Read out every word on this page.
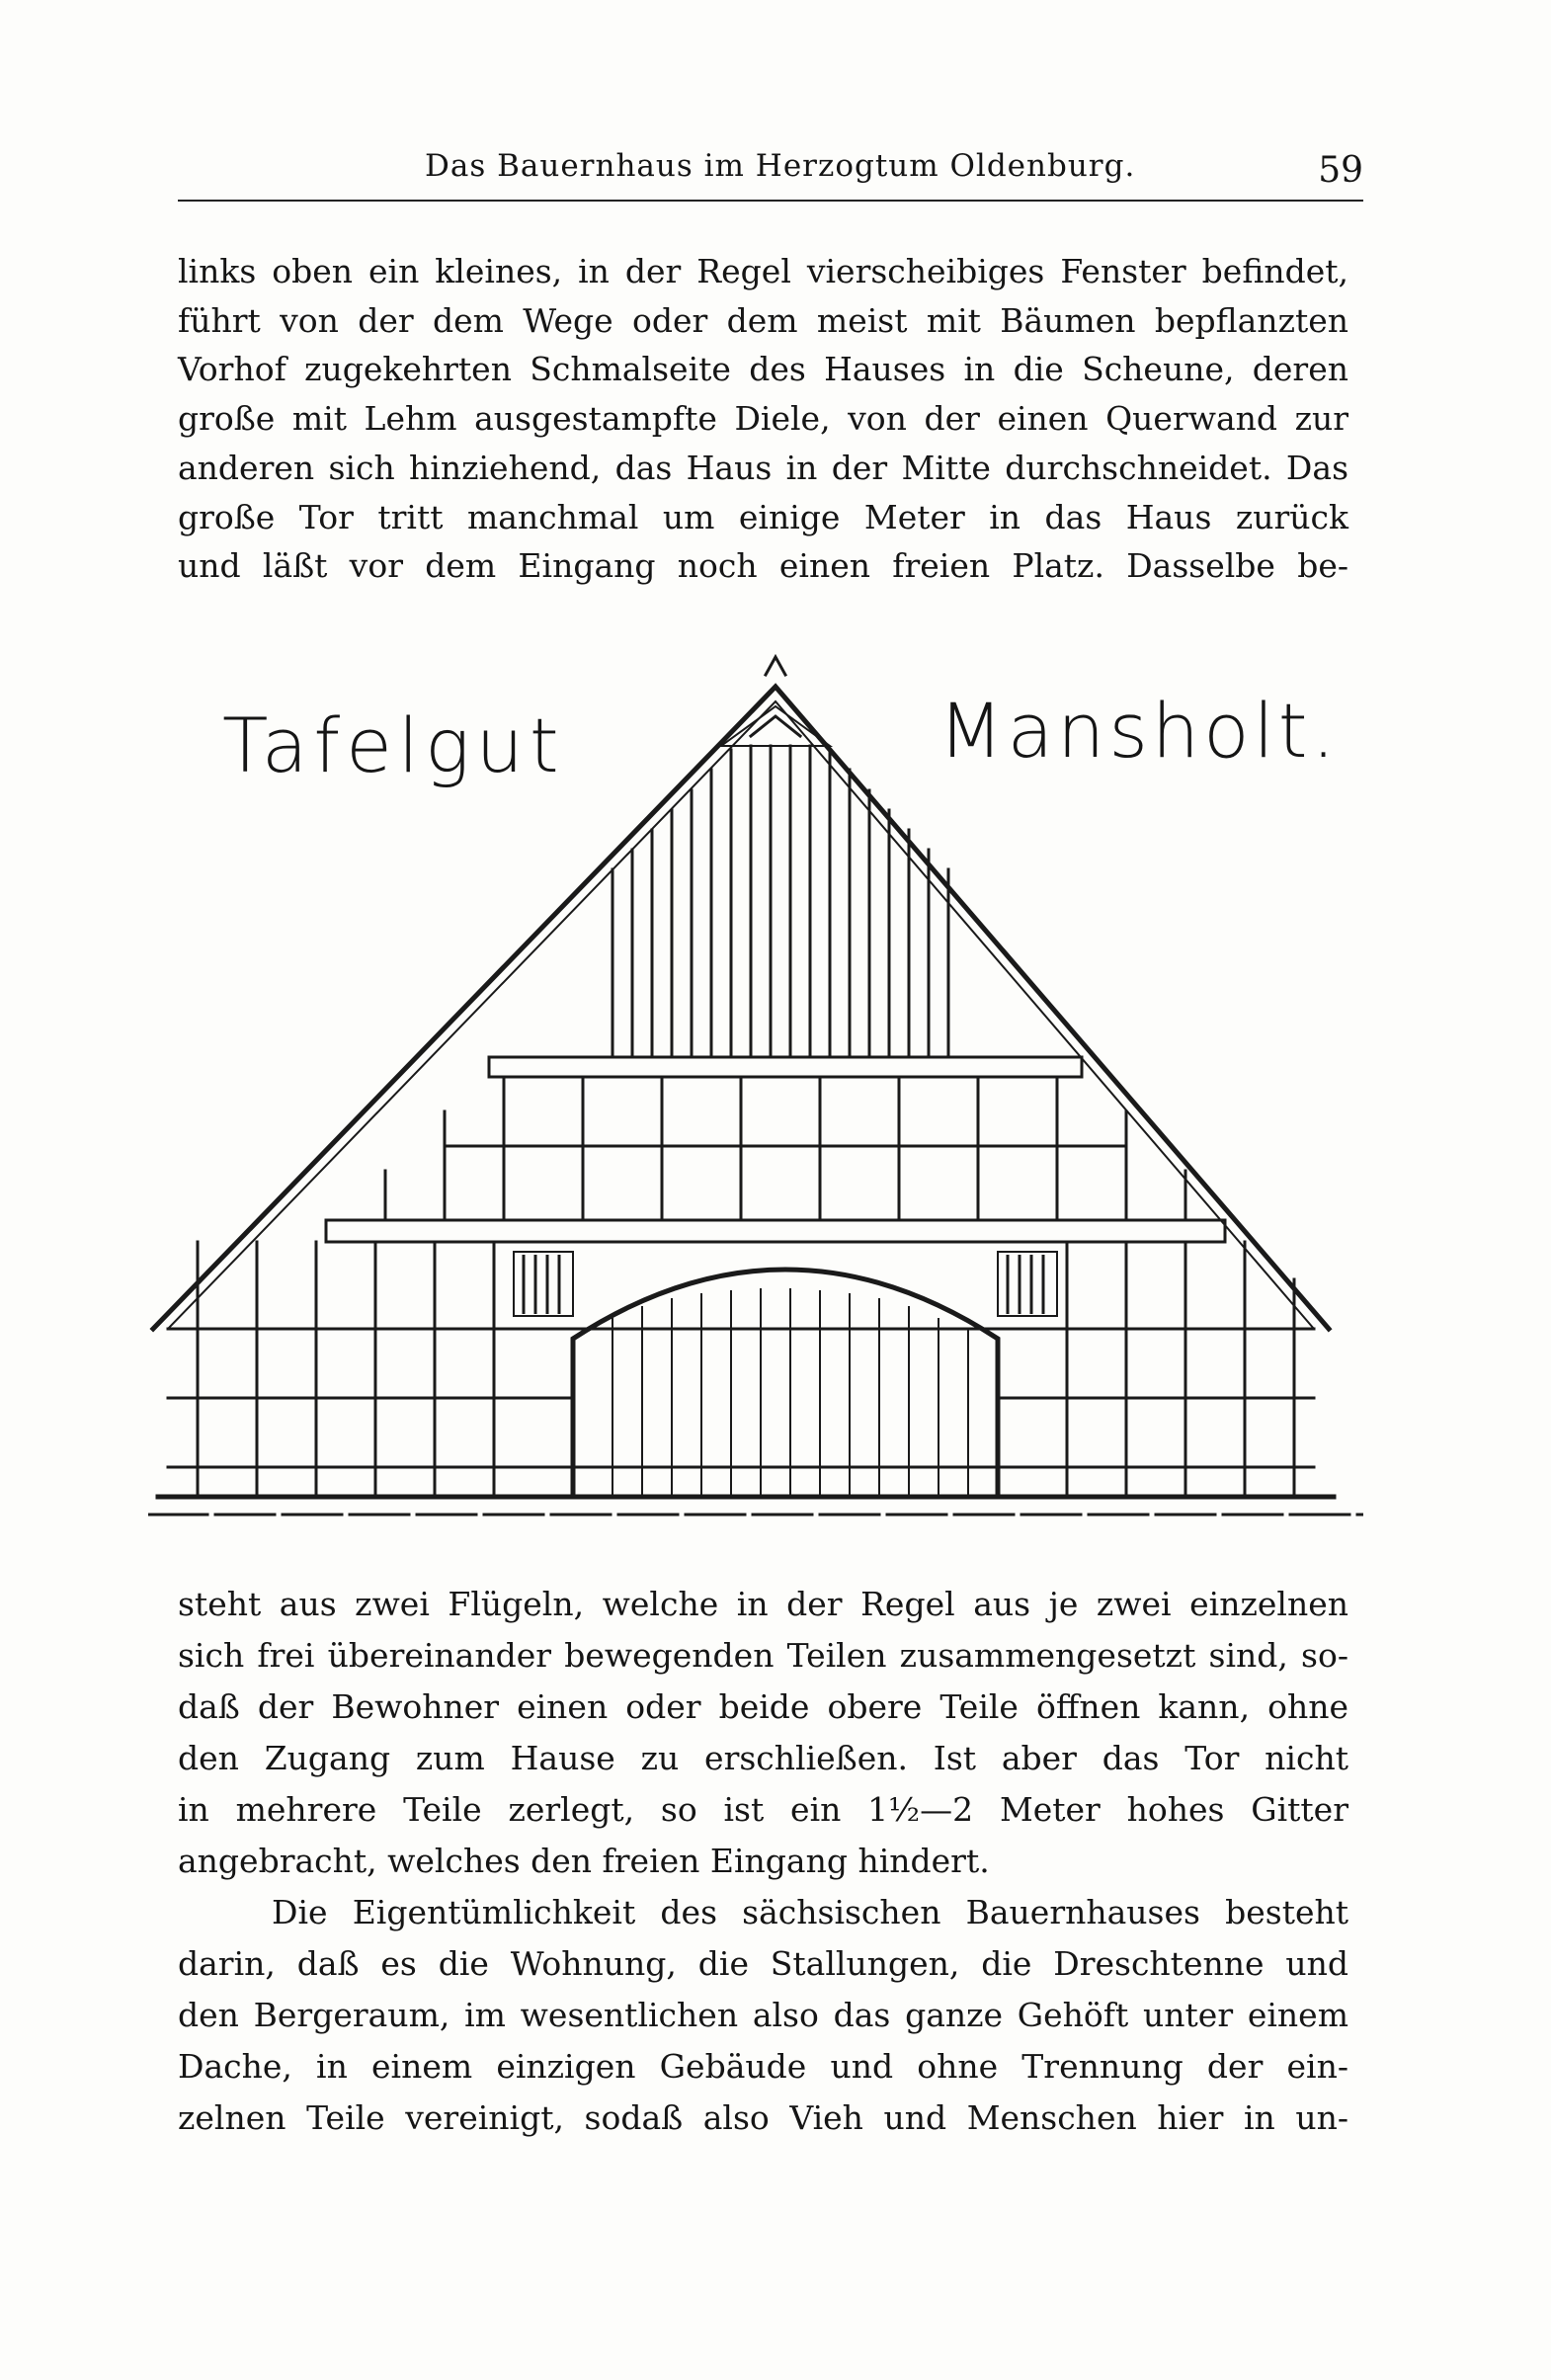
Das Bauernhaus im Herzogtum Oldenburg.	59
links oben ein kleines, in der Regel vierscheibiges Fenster befindet,
führt von der dem Wege oder dem meist mit Bäumen bepflanzten
Vorhof zugekehrten Schmalseite des Hauses in die Scheune, deren
große mit Lehm ausgestampfte Diele, von der einen Querwand zur
anderen sich hinziehend, das Haus in der Mitte durchschneidet. Das
große Tor tritt manchmal um einige Meter in das Haus zurück
und läßt vor dem Eingang noch einen freien Platz. Dasselbe be-
Tafelgut	Mansholt.
steht aus zwei Flügeln, welche in der Regel aus je zwei einzelnen
sich frei übereinander bewegenden Teilen zusammengesetzt sind, so-
daß der Bewohner einen oder beide obere Teile öffnen kann, ohne
den Zugang zum Hause zu erschließen. Ist aber das Tor nicht
in mehrere Teile zerlegt, so ist ein 1½—2 Meter hohes Gitter
angebracht, welches den freien Eingang hindert.
Die Eigentümlichkeit des sächsischen Bauernhauses besteht
darin, daß es die Wohnung, die Stallungen, die Dreschtenne und
den Bergeraum, im wesentlichen also das ganze Gehöft unter einem
Dache, in einem einzigen Gebäude und ohne Trennung der ein-
zelnen Teile vereinigt, sodaß also Vieh und Menschen hier in un-
